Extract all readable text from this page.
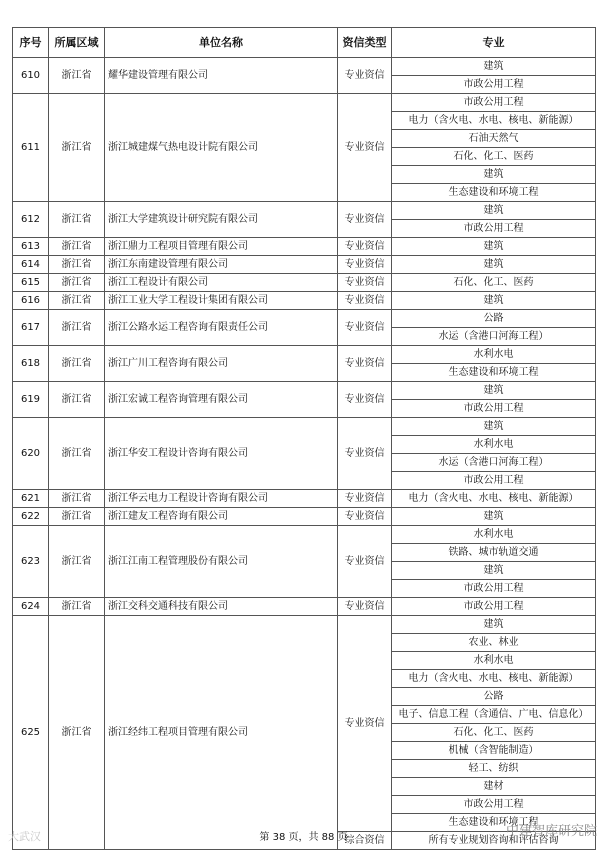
序号	所属区域	单位名称	资信类型	专业
610	浙江省	耀华建设管理有限公司	专业资信	建筑
				市政公用工程
611	浙江省	浙江城建煤气热电设计院有限公司	专业资信	市政公用工程
				电力（含火电、水电、核电、新能源）
				石油天然气
				石化、化工、医药
				建筑
				生态建设和环境工程
612	浙江省	浙江大学建筑设计研究院有限公司	专业资信	建筑
				市政公用工程
613	浙江省	浙江鼎力工程项目管理有限公司	专业资信	建筑
614	浙江省	浙江东南建设管理有限公司	专业资信	建筑
615	浙江省	浙江工程设计有限公司	专业资信	石化、化工、医药
616	浙江省	浙江工业大学工程设计集团有限公司	专业资信	建筑
617	浙江省	浙江公路水运工程咨询有限责任公司	专业资信	公路
				水运（含港口河海工程）
618	浙江省	浙江广川工程咨询有限公司	专业资信	水利水电
				生态建设和环境工程
619	浙江省	浙江宏诚工程咨询管理有限公司	专业资信	建筑
				市政公用工程
620	浙江省	浙江华安工程设计咨询有限公司	专业资信	建筑
				水利水电
				水运（含港口河海工程）
				市政公用工程
621	浙江省	浙江华云电力工程设计咨询有限公司	专业资信	电力（含火电、水电、核电、新能源）
622	浙江省	浙江建友工程咨询有限公司	专业资信	建筑
623	浙江省	浙江江南工程管理股份有限公司	专业资信	水利水电
				铁路、城市轨道交通
				建筑
				市政公用工程
624	浙江省	浙江交科交通科技有限公司	专业资信	市政公用工程
625	浙江省	浙江经纬工程项目管理有限公司	专业资信	建筑
				农业、林业
				水利水电
				电力（含火电、水电、核电、新能源）
				公路
				电子、信息工程（含通信、广电、信息化）
				石化、化工、医药
				机械（含智能制造）
				轻工、纺织
				建材
				市政公用工程
				生态建设和环境工程
			综合资信	所有专业规划咨询和评估咨询
大武汉	第 38 页，共 88 页	中建智库研究院
